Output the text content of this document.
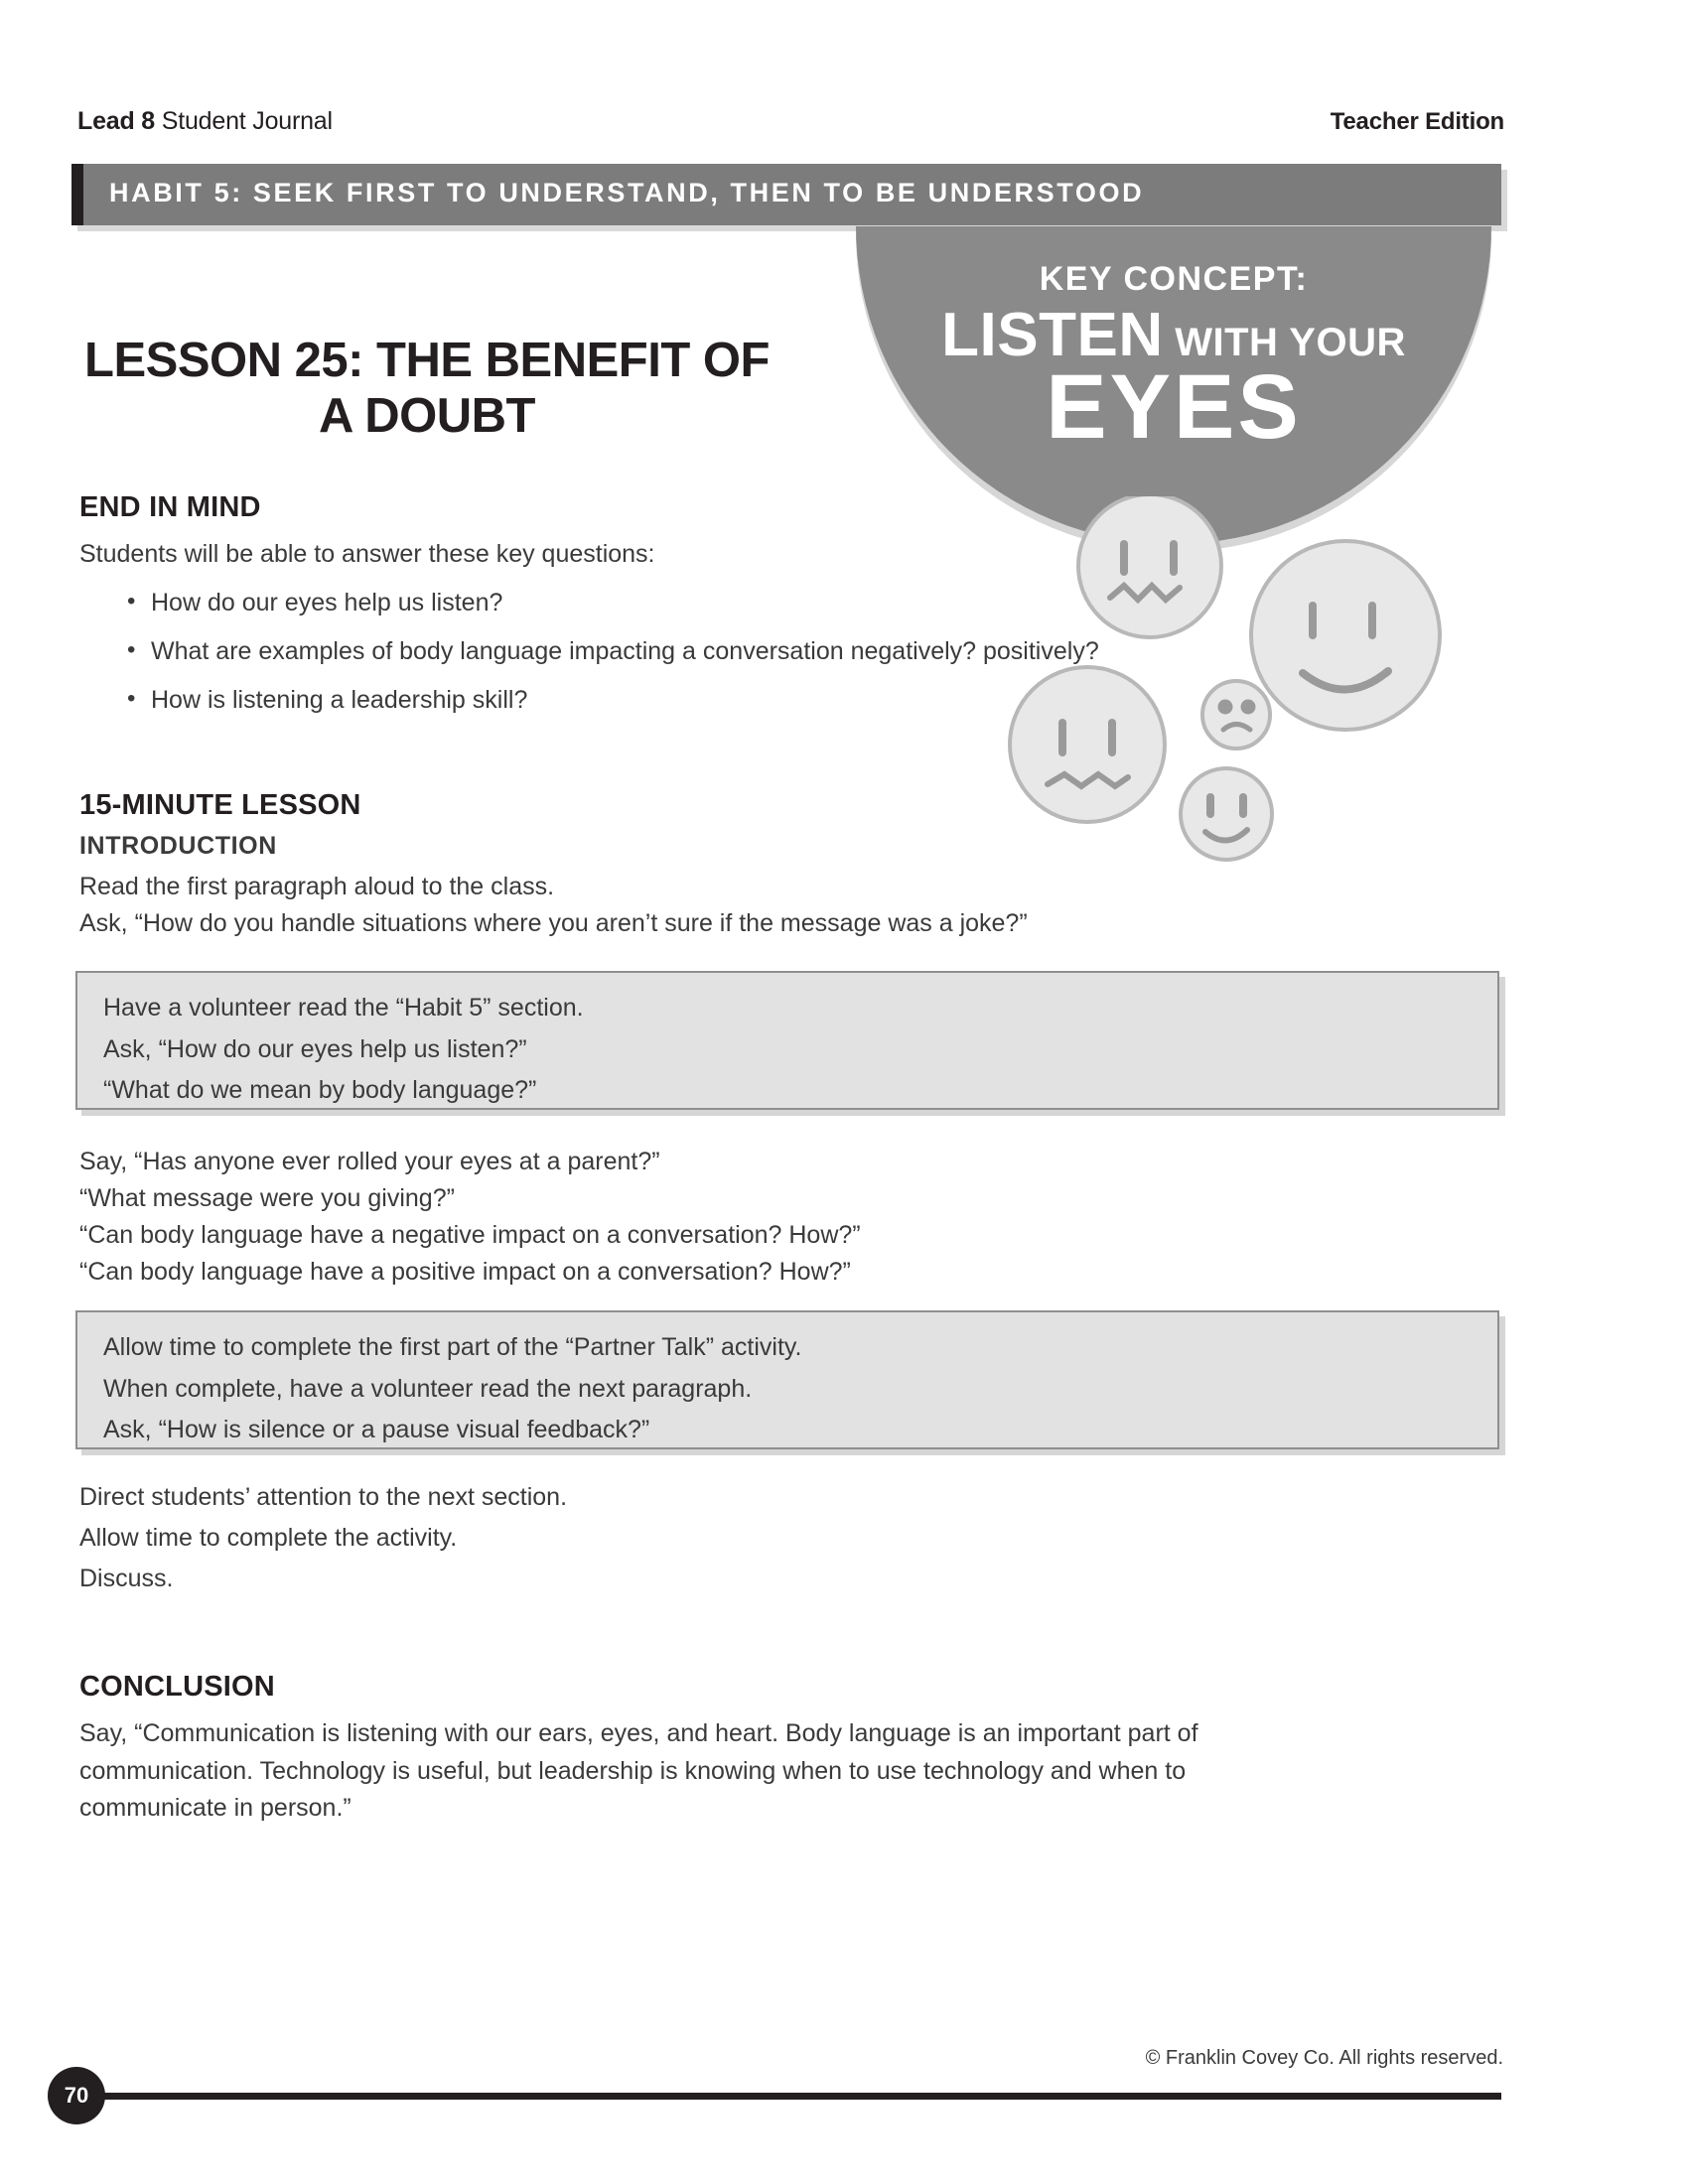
Lead 8 Student Journal	Teacher Edition
HABIT 5: SEEK FIRST TO UNDERSTAND, THEN TO BE UNDERSTOOD
KEY CONCEPT:
LISTEN WITH YOUR
EYES
LESSON 25: THE BENEFIT OF A DOUBT
END IN MIND
Students will be able to answer these key questions:
• How do our eyes help us listen?
• What are examples of body language impacting a conversation negatively? positively?
• How is listening a leadership skill?
15-MINUTE LESSON
INTRODUCTION
Read the first paragraph aloud to the class.
Ask, “How do you handle situations where you aren’t sure if the message was a joke?”

Have a volunteer read the “Habit 5” section.

Ask, “How do our eyes help us listen?”

“What do we mean by body language?”

Say, “Has anyone ever rolled your eyes at a parent?”
“What message were you giving?”
“Can body language have a negative impact on a conversation? How?”
“Can body language have a positive impact on a conversation? How?”

Allow time to complete the first part of the “Partner Talk” activity.

When complete, have a volunteer read the next paragraph.

Ask, “How is silence or a pause visual feedback?”

Direct students’ attention to the next section.
Allow time to complete the activity.
Discuss.
CONCLUSION
Say, “Communication is listening with our ears, eyes, and heart. Body language is an important part of communication. Technology is useful, but leadership is knowing when to use technology and when to communicate in person.”
© Franklin Covey Co. All rights reserved.
70
